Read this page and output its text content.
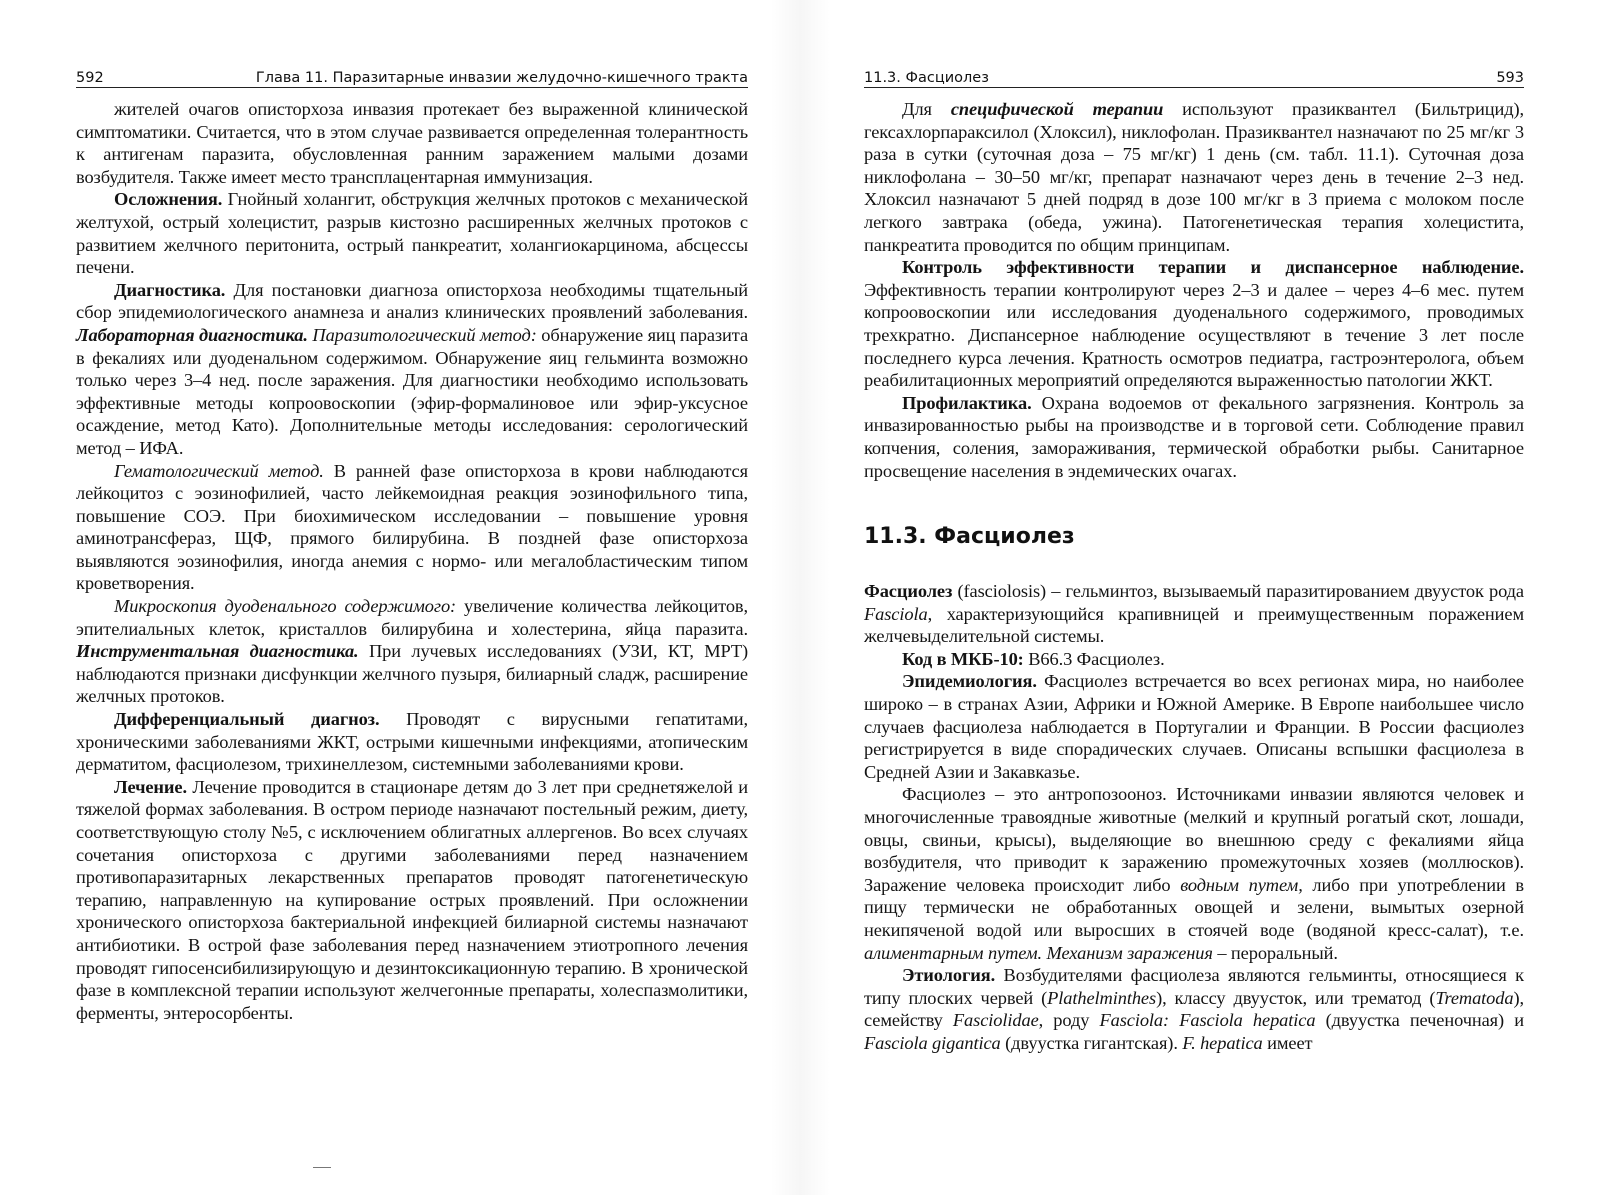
592	Глава 11. Паразитарные инвазии желудочно-кишечного тракта

жителей очагов описторхоза инвазия протекает без выраженной клинической симптоматики. Считается, что в этом случае развивается определенная толерантность к антигенам паразита, обусловленная ранним заражением малыми дозами возбудителя. Также имеет место трансплацентарная иммунизация.

Осложнения. Гнойный холангит, обструкция желчных протоков с механической желтухой, острый холецистит, разрыв кистозно расширенных желчных протоков с развитием желчного перитонита, острый панкреатит, холангиокарцинома, абсцессы печени.

Диагностика. Для постановки диагноза описторхоза необходимы тщательный сбор эпидемиологического анамнеза и анализ клинических проявлений заболевания. Лабораторная диагностика. Паразитологический метод: обнаружение яиц паразита в фекалиях или дуоденальном содержимом. Обнаружение яиц гельминта возможно только через 3–4 нед. после заражения. Для диагностики необходимо использовать эффективные методы копроовоскопии (эфир-формалиновое или эфир-уксусное осаждение, метод Като). Дополнительные методы исследования: серологический метод – ИФА.

Гематологический метод. В ранней фазе описторхоза в крови наблюдаются лейкоцитоз с эозинофилией, часто лейкемоидная реакция эозинофильного типа, повышение СОЭ. При биохимическом исследовании – повышение уровня аминотрансфераз, ЩФ, прямого билирубина. В поздней фазе описторхоза выявляются эозинофилия, иногда анемия с нормо- или мегалобластическим типом кроветворения.

Микроскопия дуоденального содержимого: увеличение количества лейкоцитов, эпителиальных клеток, кристаллов билирубина и холестерина, яйца паразита. Инструментальная диагностика. При лучевых исследованиях (УЗИ, КТ, МРТ) наблюдаются признаки дисфункции желчного пузыря, билиарный сладж, расширение желчных протоков.

Дифференциальный диагноз. Проводят с вирусными гепатитами, хроническими заболеваниями ЖКТ, острыми кишечными инфекциями, атопическим дерматитом, фасциолезом, трихинеллезом, системными заболеваниями крови.

Лечение. Лечение проводится в стационаре детям до 3 лет при среднетяжелой и тяжелой формах заболевания. В остром периоде назначают постельный режим, диету, соответствующую столу №5, с исключением облигатных аллергенов. Во всех случаях сочетания описторхоза с другими заболеваниями перед назначением противопаразитарных лекарственных препаратов проводят патогенетическую терапию, направленную на купирование острых проявлений. При осложнении хронического описторхоза бактериальной инфекцией билиарной системы назначают антибиотики. В острой фазе заболевания перед назначением этиотропного лечения проводят гипосенсибилизирующую и дезинтоксикационную терапию. В хронической фазе в комплексной терапии используют желчегонные препараты, холеспазмолитики, ферменты, энтеросорбенты.

11.3. Фасциолез	593

Для специфической терапии используют празиквантел (Бильтрицид), гексахлорпараксилол (Хлоксил), никлофолан. Празиквантел назначают по 25 мг/кг 3 раза в сутки (суточная доза – 75 мг/кг) 1 день (см. табл. 11.1). Суточная доза никлофолана – 30–50 мг/кг, препарат назначают через день в течение 2–3 нед. Хлоксил назначают 5 дней подряд в дозе 100 мг/кг в 3 приема с молоком после легкого завтрака (обеда, ужина). Патогенетическая терапия холецистита, панкреатита проводится по общим принципам.

Контроль эффективности терапии и диспансерное наблюдение. Эффективность терапии контролируют через 2–3 и далее – через 4–6 мес. путем копроовоскопии или исследования дуоденального содержимого, проводимых трехкратно. Диспансерное наблюдение осуществляют в течение 3 лет после последнего курса лечения. Кратность осмотров педиатра, гастроэнтеролога, объем реабилитационных мероприятий определяются выраженностью патологии ЖКТ.

Профилактика. Охрана водоемов от фекального загрязнения. Контроль за инвазированностью рыбы на производстве и в торговой сети. Соблюдение правил копчения, соления, замораживания, термической обработки рыбы. Санитарное просвещение населения в эндемических очагах.

11.3. Фасциолез

Фасциолез (fasciolosis) – гельминтоз, вызываемый паразитированием двуусток рода Fasciola, характеризующийся крапивницей и преимущественным поражением желчевыделительной системы.

Код в МКБ-10: B66.3 Фасциолез.

Эпидемиология. Фасциолез встречается во всех регионах мира, но наиболее широко – в странах Азии, Африки и Южной Америке. В Европе наибольшее число случаев фасциолеза наблюдается в Португалии и Франции. В России фасциолез регистрируется в виде спорадических случаев. Описаны вспышки фасциолеза в Средней Азии и Закавказье.

Фасциолез – это антропозооноз. Источниками инвазии являются человек и многочисленные травоядные животные (мелкий и крупный рогатый скот, лошади, овцы, свиньи, крысы), выделяющие во внешнюю среду с фекалиями яйца возбудителя, что приводит к заражению промежуточных хозяев (моллюсков). Заражение человека происходит либо водным путем, либо при употреблении в пищу термически не обработанных овощей и зелени, вымытых озерной некипяченой водой или выросших в стоячей воде (водяной кресс-салат), т.е. алиментарным путем. Механизм заражения – пероральный.

Этиология. Возбудителями фасциолеза являются гельминты, относящиеся к типу плоских червей (Plathelminthes), классу двуусток, или трематод (Trematoda), семейству Fasciolidae, роду Fasciola: Fasciola hepatica (двуустка печеночная) и Fasciola gigantica (двуустка гигантская). F. hepatica имеет
